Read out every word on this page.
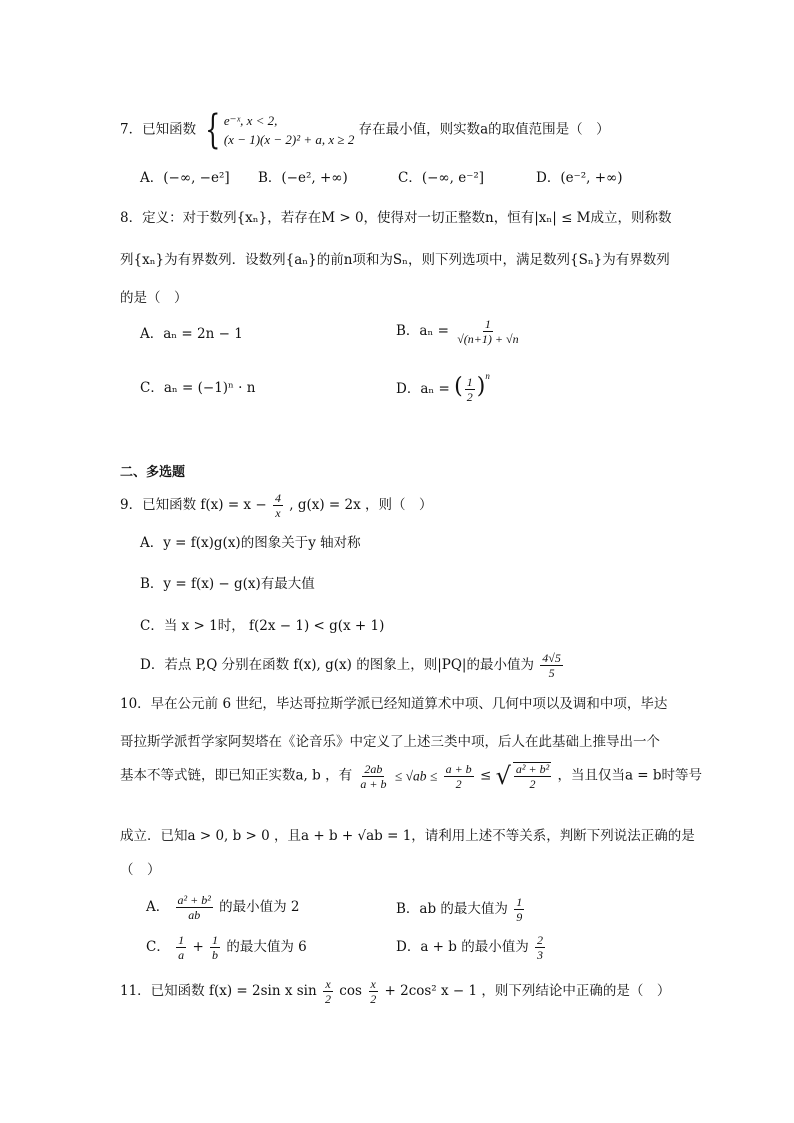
7．已知函数 { e⁻ˣ, x < 2,
(x − 1)(x − 2)² + a, x ≥ 2
存在最小值，则实数a的取值范围是（　）
A．(−∞, −e²] B．(−e², +∞)	C．(−∞, e⁻²]	D．(e⁻², +∞)
8．定义：对于数列{xₙ}，若存在M > 0，使得对一切正整数n，恒有|xₙ| ≤ M成立，则称数
列{xₙ}为有界数列．设数列{aₙ}的前n项和为Sₙ，则下列选项中，满足数列{Sₙ}为有界数列
的是（　）
A．aₙ = 2n − 1	B．$a_n = \frac{1}{√(n+1) + √n}$
C．aₙ = (−1)ⁿ · n	D．aₙ = ( $\frac{1}{2} )^n$
二、多选题
9．已知函数 $f(x) = x - \frac{4}{x}$ , g(x) = 2x ，则（　）
A．y = f(x)g(x)的图象关于y 轴对称
B．y = f(x) − g(x)有最大值
C．当 x > 1时， f(2x − 1) < g(x + 1)
D．若点 P,Q 分别在函数 f(x), g(x) 的图象上，则|PQ|的最小值为 $\frac{4√5}{5}$
10．早在公元前 6 世纪，毕达哥拉斯学派已经知道算术中项、几何中项以及调和中项，毕达
哥拉斯学派哲学家阿契塔在《论音乐》中定义了上述三类中项，后人在此基础上推导出一个
基本不等式链，即已知正实数a, b ，有 $\frac{2ab}{a + b} \le √ab \le \frac{a + b}{2}$ ≤ √ $\frac{\text{a² + b²}}{2}$ ，当且仅当a = b时等号
成立．已知a > 0, b > 0 ，且a + b + √ab = 1，请利用上述不等关系，判断下列说法正确的是
（　）
A． $\frac{\text{a² + b²}}{ab}$ 的最小值为 2	B．ab 的最大值为 $\frac{1}{9}$
C． $\frac{1}{a} + \frac{1}{b}$ 的最大值为 6	D．a + b 的最小值为 $\frac{2}{3}$
11．已知函数 f(x) = 2sin x $\sin \frac{x}{2}$ $\cos \frac{x}{2} + 2\cos^2$ x − 1 ，则下列结论中正确的是（　）
